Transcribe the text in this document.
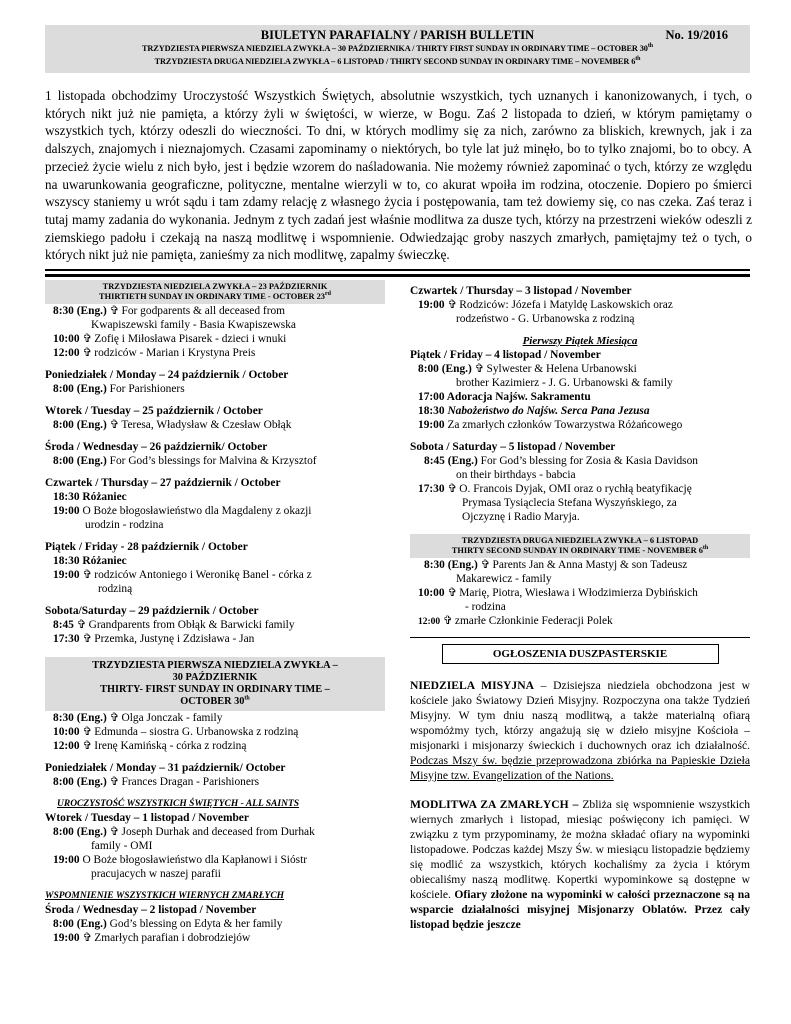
BIULETYN PARAFIALNY / PARISH BULLETIN	No. 19/2016
TRZYDZIESTA PIERWSZA NIEDZIELA ZWYKŁA – 30 PAŹDZIERNIKA / THIRTY FIRST SUNDAY IN ORDINARY TIME – OCTOBER 30th
TRZYDZIESTA DRUGA NIEDZIELA ZWYKŁA – 6 LISTOPAD / THIRTY SECOND SUNDAY IN ORDINARY TIME – NOVEMBER 6th
1 listopada obchodzimy Uroczystość Wszystkich Świętych, absolutnie wszystkich, tych uznanych i kanonizowanych, i tych, o których nikt już nie pamięta, a którzy żyli w świętości, w wierze, w Bogu. Zaś 2 listopada to dzień, w którym pamiętamy o wszystkich tych, którzy odeszli do wieczności. To dni, w których modlimy się za nich, zarówno za bliskich, krewnych, jak i za dalszych, znajomych i nieznajomych. Czasami zapominamy o niektórych, bo tyle lat już minęło, bo to tylko znajomi, bo to obcy. A przecież życie wielu z nich było, jest i będzie wzorem do naśladowania. Nie możemy również zapominać o tych, którzy ze względu na uwarunkowania geograficzne, polityczne, mentalne wierzyli w to, co akurat wpoiła im rodzina, otoczenie. Dopiero po śmierci wszyscy staniemy u wrót sądu i tam zdamy relację z własnego życia i postępowania, tam też dowiemy się, co nas czeka. Zaś teraz i tutaj mamy zadania do wykonania. Jednym z tych zadań jest właśnie modlitwa za dusze tych, którzy na przestrzeni wieków odeszli z ziemskiego padołu i czekają na naszą modlitwę i wspomnienie. Odwiedzając groby naszych zmarłych, pamiętajmy też o tych, o których nikt już nie pamięta, zanieśmy za nich modlitwę, zapalmy świeczkę.
TRZYDZIESTA NIEDZIELA ZWYKŁA – 23 PAŹDZIERNIK
THIRTIETH SUNDAY IN ORDINARY TIME - OCTOBER 23rd
8:30 (Eng.) ✞ For godparents & all deceased from
Kwapiszewski family - Basia Kwapiszewska
10:00 ✞ Zofię i Miłosława Pisarek - dzieci i wnuki
12:00 ✞ rodziców - Marian i Krystyna Preis
Poniedziałek / Monday – 24 październik / October
8:00 (Eng.) For Parishioners
Wtorek / Tuesday – 25 październik / October
8:00 (Eng.) ✞ Teresa, Władysław & Czesław Obłąk
Środa / Wednesday – 26 październik/ October
8:00 (Eng.) For God’s blessings for Malvina & Krzysztof
Czwartek / Thursday – 27 październik / October
18:30 Różaniec
19:00 O Boże błogosławieństwo dla Magdaleny z okazji
urodzin - rodzina
Piątek / Friday - 28 październik / October
18:30 Różaniec
19:00 ✞ rodziców Antoniego i Weronikę Banel - córka z
rodziną
Sobota/Saturday – 29 październik / October
8:45 ✞ Grandparents from Obłąk & Barwicki family
17:30 ✞ Przemka, Justynę i Zdzisława - Jan
TRZYDZIESTA PIERWSZA NIEDZIELA ZWYKŁA –
30 PAŹDZIERNIK
THIRTY- FIRST SUNDAY IN ORDINARY TIME –
OCTOBER 30th
8:30 (Eng.) ✞ Olga Jonczak - family
10:00 ✞ Edmunda – siostra G. Urbanowska z rodziną
12:00 ✞ Irenę Kamińską - córka z rodziną
Poniedziałek / Monday – 31 październik/ October
8:00 (Eng.) ✞ Frances Dragan - Parishioners
UROCZYSTOŚĆ WSZYSTKICH ŚWIĘTYCH - ALL SAINTS
Wtorek / Tuesday – 1 listopad / November
8:00 (Eng.) ✞ Joseph Durhak and deceased from Durhak
family - OMI
19:00 O Boże błogosławieństwo dla Kapłanowi i Sióstr
pracujacych w naszej parafii
WSPOMNIENIE WSZYSTKICH WIERNYCH ZMARŁYCH
Środa / Wednesday – 2 listopad / November
8:00 (Eng.) God’s blessing on Edyta & her family
19:00 ✞ Zmarłych parafian i dobrodziejów
Czwartek / Thursday – 3 listopad / November
19:00 ✞ Rodziców: Józefa i Matyldę Laskowskich oraz
rodzeństwo - G. Urbanowska z rodziną
Pierwszy Piątek Miesiąca
Piątek / Friday – 4 listopad / November
8:00 (Eng.) ✞ Sylwester & Helena Urbanowski
brother Kazimierz - J. G. Urbanowski & family
17:00 Adoracja Najśw. Sakramentu
18:30 Nabożeństwo do Najśw. Serca Pana Jezusa
19:00 Za zmarłych członków Towarzystwa Różańcowego
Sobota / Saturday – 5 listopad / November
8:45 (Eng.) For God’s blessing for Zosia & Kasia Davidson
on their birthdays - babcia
17:30 ✞ O. Francois Dyjak, OMI oraz o rychłą beatyfikację
Prymasa Tysiąclecia Stefana Wyszyńskiego, za
Ojczyznę i Radio Maryja.
TRZYDZIESTA DRUGA NIEDZIELA ZWYKŁA – 6 LISTOPAD
THIRTY SECOND SUNDAY IN ORDINARY TIME - NOVEMBER 6th
8:30 (Eng.) ✞ Parents Jan & Anna Mastyj & son Tadeusz
Makarewicz - family
10:00 ✞ Marię, Piotra, Wiesława i Włodzimierza Dybińskich
- rodzina
12:00 ✞ zmarłe Członkinie Federacji Polek
OGŁOSZENIA DUSZPASTERSKIE
NIEDZIELA MISYJNA – Dzisiejsza niedziela obchodzona jest w kościele jako Światowy Dzień Misyjny. Rozpoczyna ona także Tydzień Misyjny. W tym dniu naszą modlitwą, a także materialną ofiarą wspomóżmy tych, którzy angażują się w dzieło misyjne Kościoła – misjonarki i misjonarzy świeckich i duchownych oraz ich działalność. Podczas Mszy św. będzie przeprowadzona zbiórka na Papieskie Dzieła Misyjne tzw. Evangelization of the Nations.
MODLITWA ZA ZMARŁYCH – Zbliża się wspomnienie wszystkich wiernych zmarłych i listopad, miesiąc poświęcony ich pamięci. W związku z tym przypominamy, że można składać ofiary na wypominki listopadowe. Podczas każdej Mszy Św. w miesiącu listopadzie będziemy się modlić za wszystkich, których kochaliśmy za życia i którym obiecaliśmy naszą modlitwę. Kopertki wypominkowe są dostępne w kościele. Ofiary złożone na wypominki w całości przeznaczone są na wsparcie działalności misyjnej Misjonarzy Oblatów. Przez cały listopad będzie jeszcze
